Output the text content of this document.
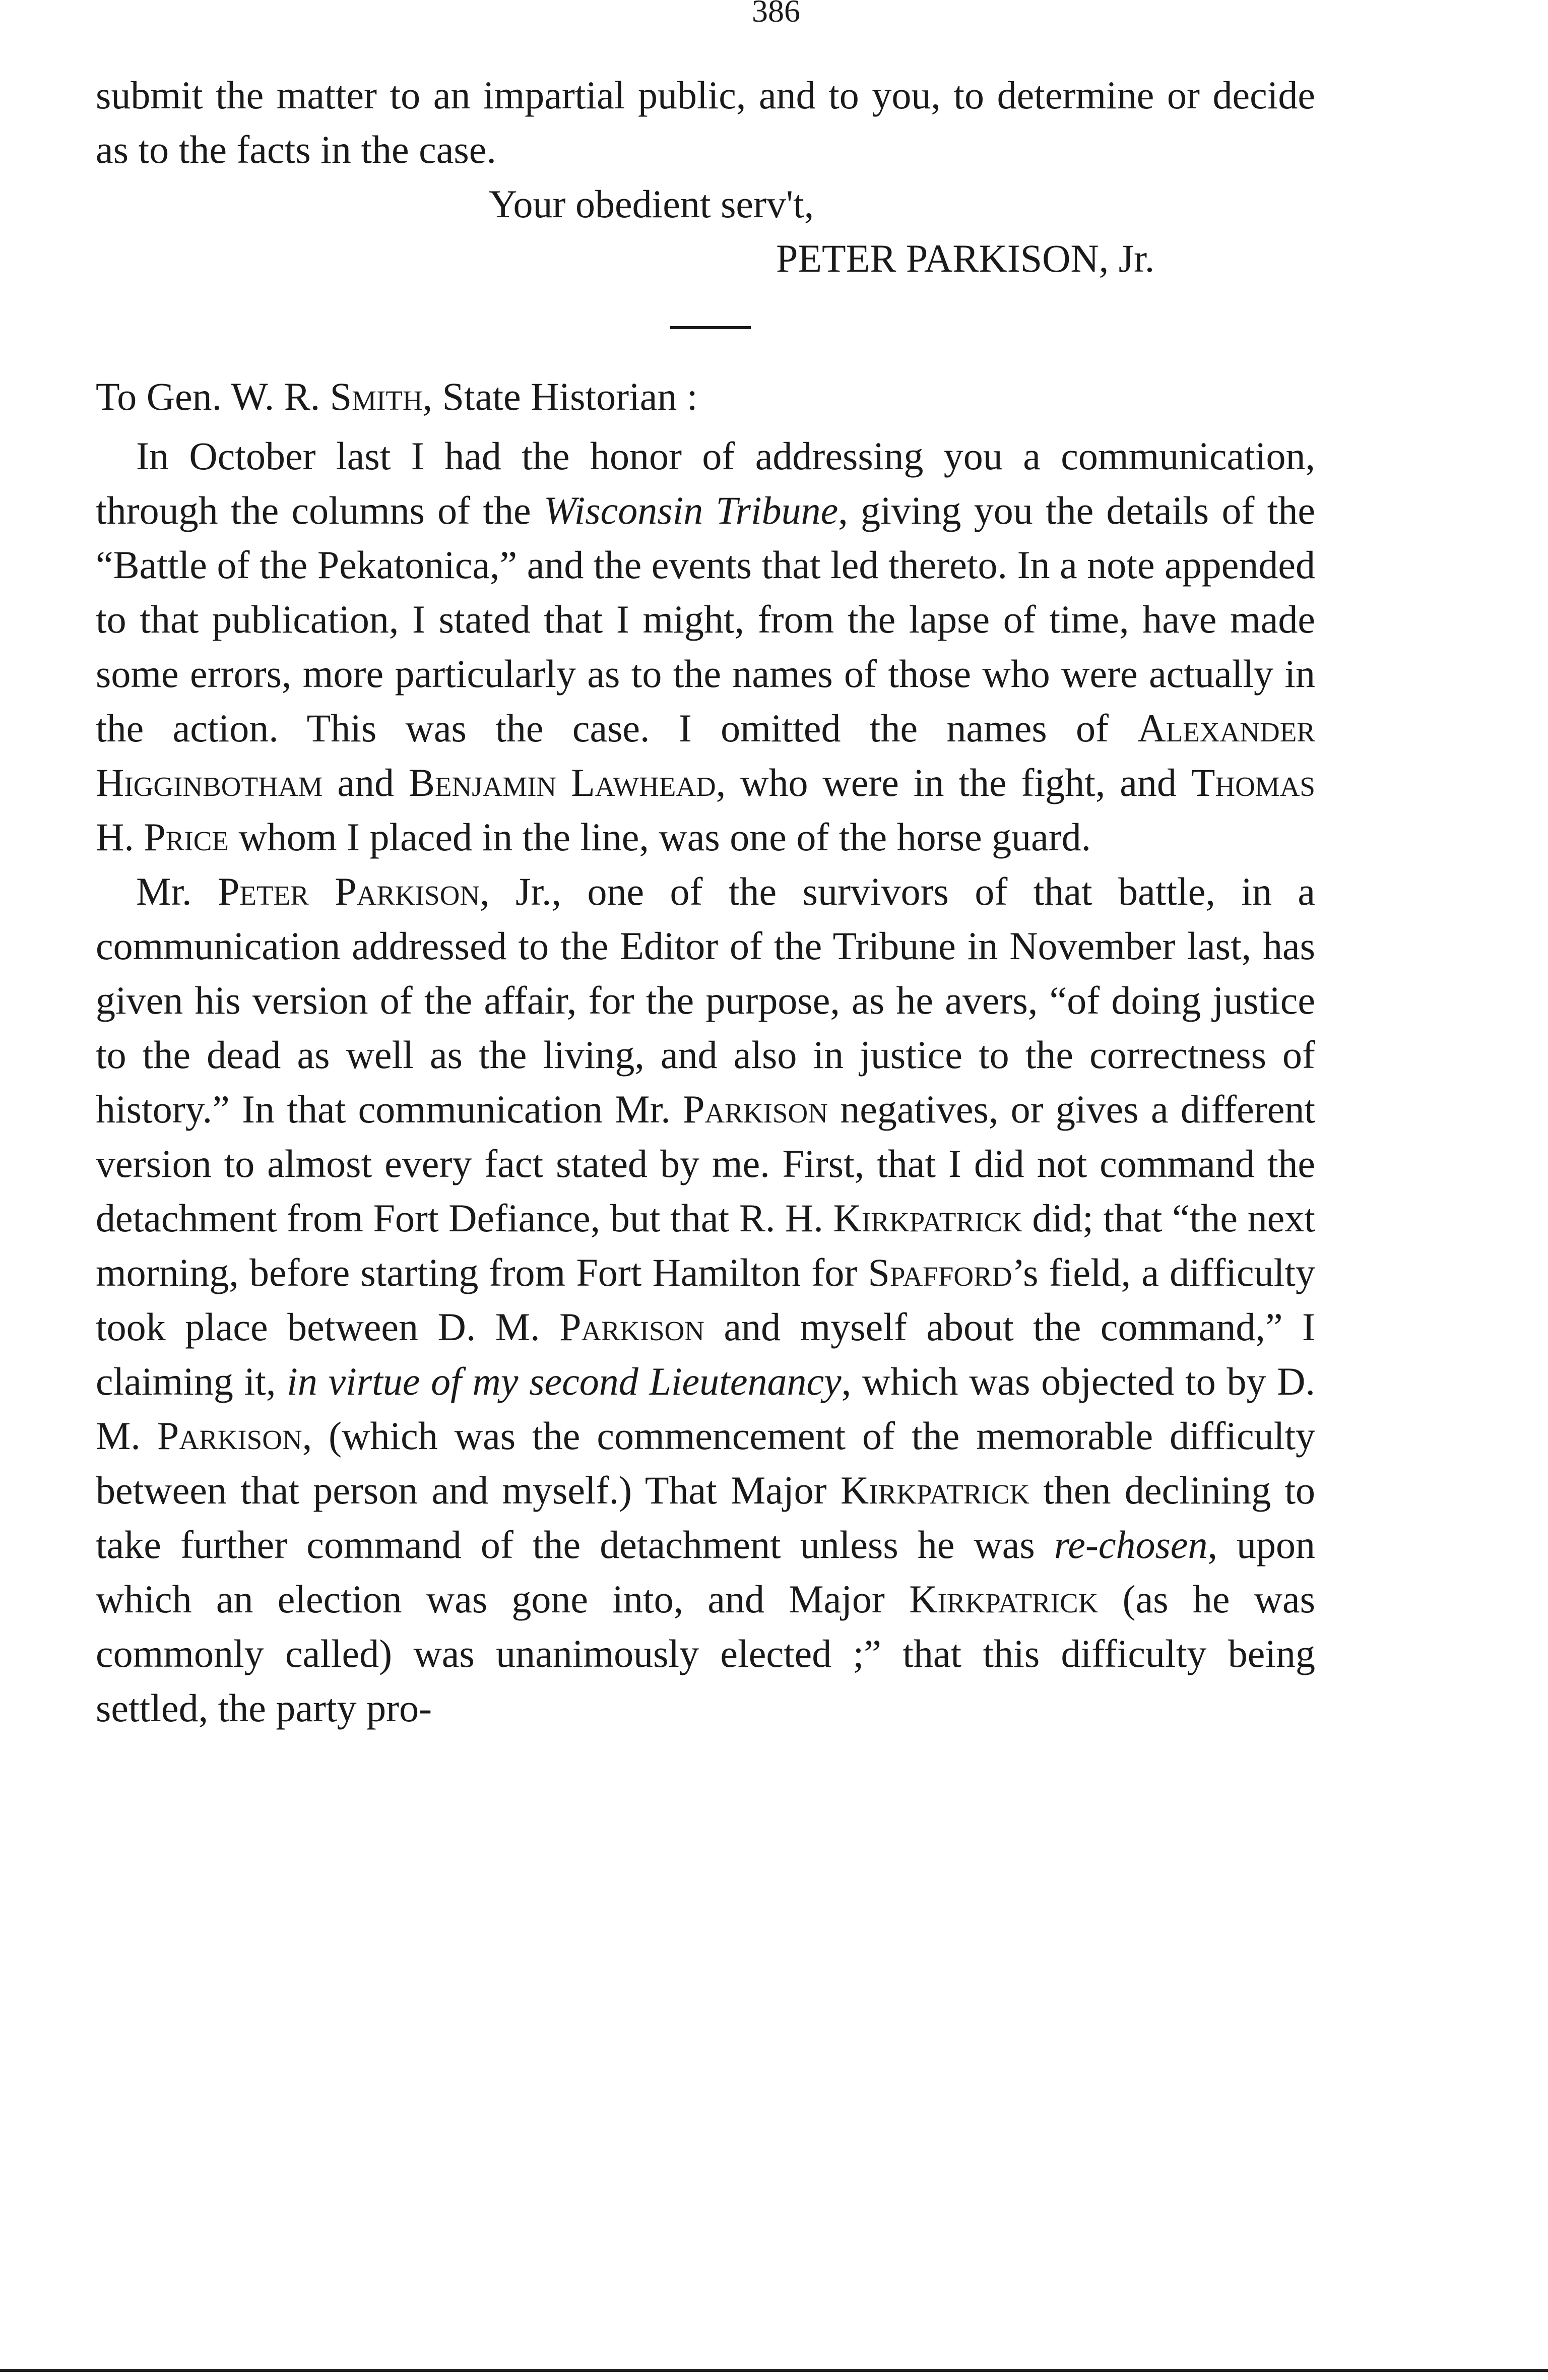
386

submit the matter to an impartial public, and to you, to determine or decide as to the facts in the case.

Your obedient serv't,

PETER PARKISON, Jr.

To Gen. W. R. Smith, State Historian :

In October last I had the honor of addressing you a communication, through the columns of the Wisconsin Tribune, giving you the details of the “Battle of the Pekatonica,” and the events that led thereto. In a note appended to that publication, I stated that I might, from the lapse of time, have made some errors, more particularly as to the names of those who were actually in the action. This was the case. I omitted the names of Alexander Higginbotham and Benjamin Lawhead, who were in the fight, and Thomas H. Price whom I placed in the line, was one of the horse guard.

Mr. Peter Parkison, Jr., one of the survivors of that battle, in a communication addressed to the Editor of the Tribune in November last, has given his version of the affair, for the purpose, as he avers, “of doing justice to the dead as well as the living, and also in justice to the correctness of history.” In that communication Mr. Parkison negatives, or gives a different version to almost every fact stated by me. First, that I did not command the detachment from Fort Defiance, but that R. H. Kirkpatrick did; that “the next morning, before starting from Fort Hamilton for Spafford’s field, a difficulty took place between D. M. Parkison and myself about the command,” I claiming it, in virtue of my second Lieutenancy, which was objected to by D. M. Parkison, (which was the commencement of the memorable difficulty between that person and myself.) That Major Kirkpatrick then declining to take further command of the detachment unless he was re-chosen, upon which an election was gone into, and Major Kirkpatrick (as he was commonly called) was unanimously elected ;” that this difficulty being settled, the party pro-
